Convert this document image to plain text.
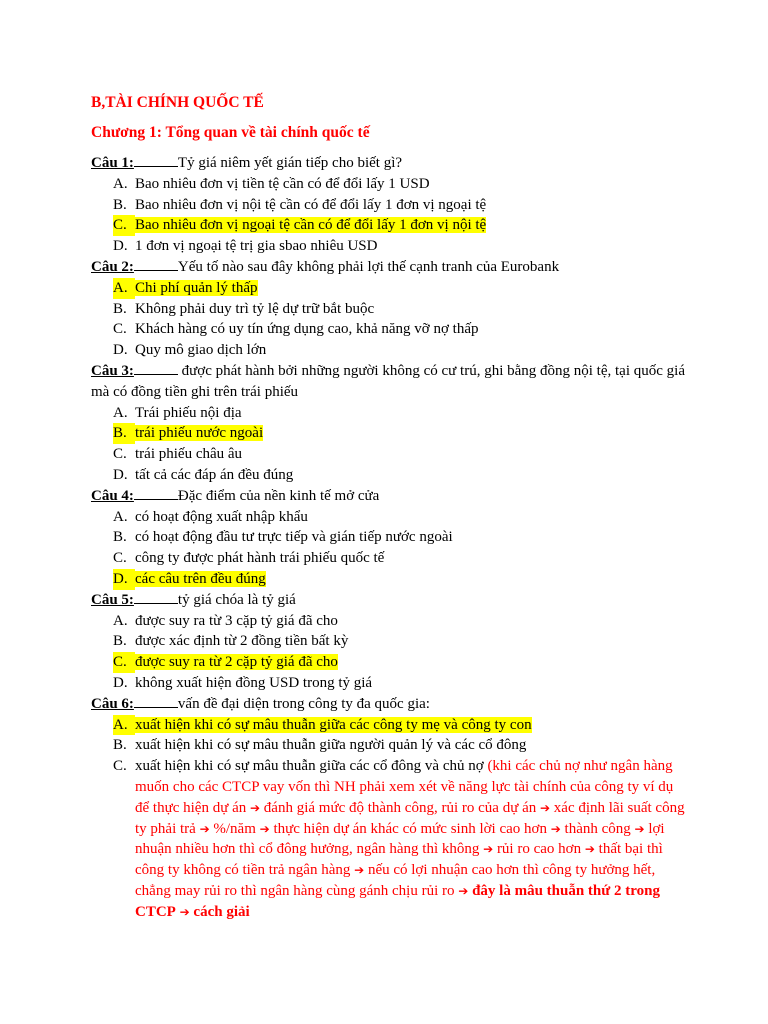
B,TÀI CHÍNH QUỐC TẾ

Chương 1: Tổng quan về tài chính quốc tế

Câu 1:	Tỷ giá niêm yết gián tiếp cho biết gì?
A. Bao nhiêu đơn vị tiền tệ cần có để đổi lấy 1 USD
B. Bao nhiêu đơn vị nội tệ cần có để đổi lấy 1 đơn vị ngoại tệ
C. Bao nhiêu đơn vị ngoại tệ cần có để đổi lấy 1 đơn vị nội tệ
D. 1 đơn vị ngoại tệ trị gia sbao nhiêu USD
Câu 2:	Yếu tố nào sau đây không phải lợi thế cạnh tranh của Eurobank
A. Chi phí quản lý thấp
B. Không phải duy trì tỷ lệ dự trữ bắt buộc
C. Khách hàng có uy tín ứng dụng cao, khả năng vỡ nợ thấp
D. Quy mô giao dịch lớn
Câu 3:	được phát hành bởi những người không có cư trú, ghi bằng đồng nội tệ, tại quốc giá mà có đồng tiền ghi trên trái phiếu
A. Trái phiếu nội địa
B. trái phiếu nước ngoài
C. trái phiếu châu âu
D. tất cả các đáp án đều đúng
Câu 4:	Đặc điểm của nền kinh tế mở cửa
A. có hoạt động xuất nhập khẩu
B. có hoạt động đầu tư trực tiếp và gián tiếp nước ngoài
C. công ty được phát hành trái phiếu quốc tế
D. các câu trên đều đúng
Câu 5:	tỷ giá chóa là tỷ giá
A. được suy ra từ 3 cặp tỷ giá đã cho
B. được xác định từ 2 đồng tiền bất kỳ
C. được suy ra từ 2 cặp tỷ giá đã cho
D. không xuất hiện đồng USD trong tỷ giá
Câu 6:	vấn đề đại diện trong công ty đa quốc gia:
A. xuất hiện khi có sự mâu thuẫn giữa các công ty mẹ và công ty con
B. xuất hiện khi có sự mâu thuẫn giữa người quản lý và các cổ đông
C. xuất hiện khi có sự mâu thuẫn giữa các cổ đông và chủ nợ (khi các chủ nợ như ngân hàng muốn cho các CTCP vay vốn thì NH phải xem xét về năng lực tài chính của công ty ví dụ để thực hiện dự án ➔ đánh giá mức độ thành công, rủi ro của dự án ➔ xác định lãi suất công ty phải trả ➔ %/năm ➔ thực hiện dự án khác có mức sinh lời cao hơn ➔ thành công ➔ lợi nhuận nhiều hơn thì cổ đông hưởng, ngân hàng thì không ➔ rủi ro cao hơn ➔ thất bại thì công ty không có tiền trả ngân hàng ➔ nếu có lợi nhuận cao hơn thì công ty hưởng hết, chẳng may rủi ro thì ngân hàng cùng gánh chịu rủi ro ➔ đây là mâu thuẫn thứ 2 trong CTCP ➔ cách giải
